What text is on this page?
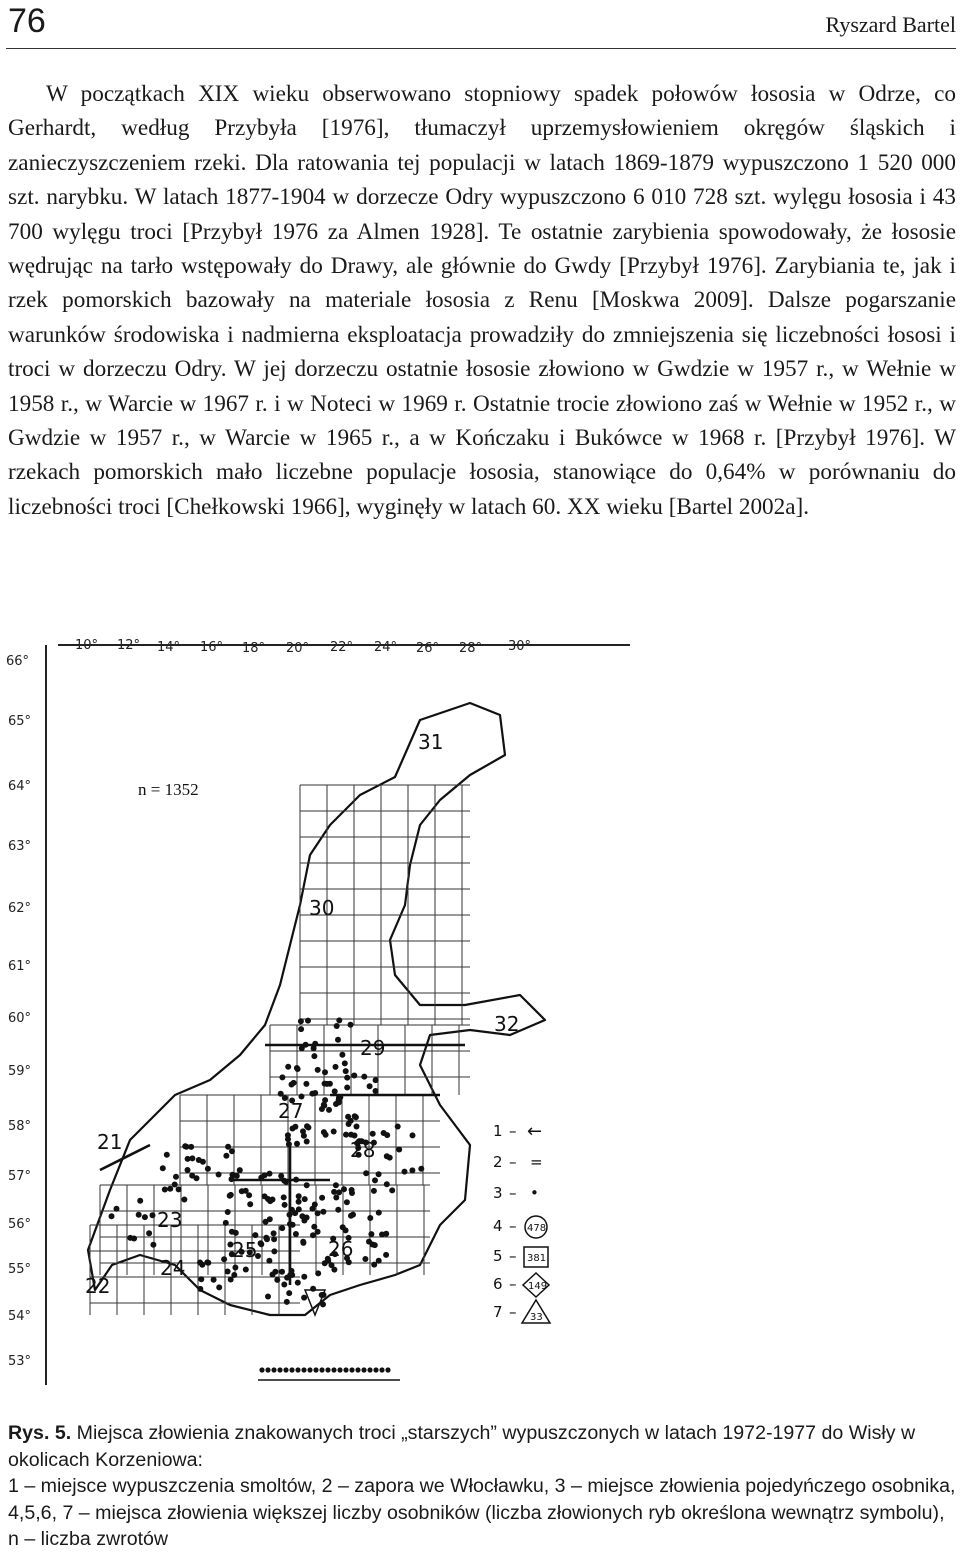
76	Ryszard Bartel

W początkach XIX wieku obserwowano stopniowy spadek połowów łososia w Odrze, co Gerhardt, według Przybyła [1976], tłumaczył uprzemysłowieniem okręgów śląskich i zanieczyszczeniem rzeki. Dla ratowania tej populacji w latach 1869-1879 wypuszczono 1 520 000 szt. narybku. W latach 1877-1904 w dorzecze Odry wypuszczono 6 010 728 szt. wylęgu łososia i 43 700 wylęgu troci [Przybył 1976 za Almen 1928]. Te ostatnie zarybienia spowodowały, że łososie wędrując na tarło wstępowały do Drawy, ale głównie do Gwdy [Przybył 1976]. Zarybiania te, jak i rzek pomorskich bazowały na materiale łososia z Renu [Moskwa 2009]. Dalsze pogarszanie warunków środowiska i nadmierna eksploatacja prowadziły do zmniejszenia się liczebności łososi i troci w dorzeczu Odry. W jej dorzeczu ostatnie łososie złowiono w Gwdzie w 1957 r., w Wełnie w 1958 r., w Warcie w 1967 r. i w Noteci w 1969 r. Ostatnie trocie złowiono zaś w Wełnie w 1952 r., w Gwdzie w 1957 r., w Warcie w 1965 r., a w Kończaku i Bukówce w 1968 r. [Przybył 1976]. W rzekach pomorskich mało liczebne populacje łososia, stanowiące do 0,64% w porównaniu do liczebności troci [Chełkowski 1966], wyginęły w latach 60. XX wieku [Bartel 2002a].

10° 12° 14° 16° 18° 20° 22° 24° 26° 28° 30°
66°
65°
64°
63°
62°
61°
60°
59°
58°
57°
56°
55°
54°
53°
21
22
23
24
25	26
27
28
29
30
31
32
n = 1352
1 – ←
2 – =
3 – •
4 – 478
5 – 381
6 – 149
7 – 33

Rys. 5. Miejsca złowienia znakowanych troci „starszych” wypuszczonych w latach 1972-1977 do Wisły w okolicach Korzeniowa:

1 – miejsce wypuszczenia smoltów, 2 – zapora we Włocławku, 3 – miejsce złowienia pojedyńczego osobnika, 4,5,6, 7 – miejsca złowienia większej liczby osobników (liczba złowionych ryb określona wewnątrz symbolu), n – liczba zwrotów
